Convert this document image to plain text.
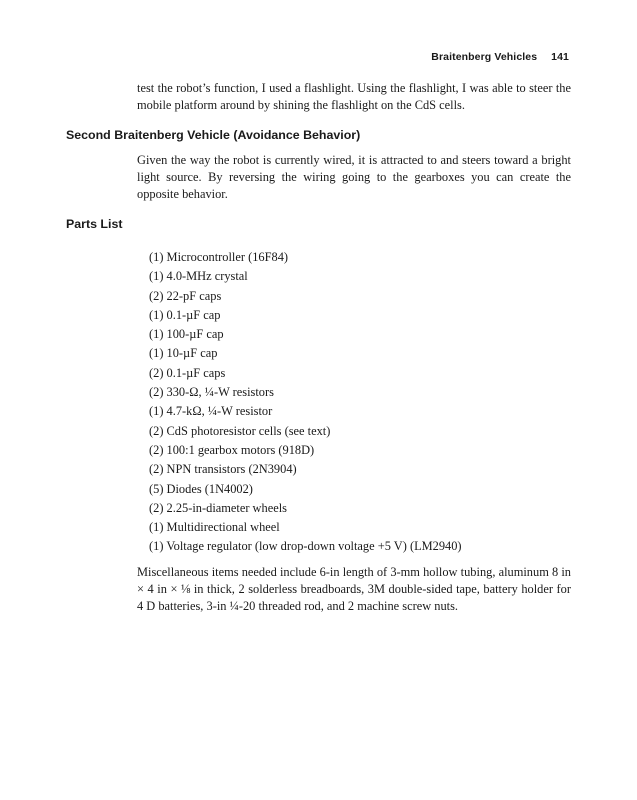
Braitenberg Vehicles 141

test the robot’s function, I used a flashlight. Using the flashlight, I was able to steer the mobile platform around by shining the flashlight on the CdS cells.

Second Braitenberg Vehicle (Avoidance Behavior)

Given the way the robot is currently wired, it is attracted to and steers toward a bright light source. By reversing the wiring going to the gearboxes you can create the opposite behavior.

Parts List
(1) Microcontroller (16F84)
(1) 4.0-MHz crystal
(2) 22-pF caps
(1) 0.1-µF cap
(1) 100-µF cap
(1) 10-µF cap
(2) 0.1-µF caps
(2) 330-Ω, ¼-W resistors
(1) 4.7-kΩ, ¼-W resistor
(2) CdS photoresistor cells (see text)
(2) 100:1 gearbox motors (918D)
(2) NPN transistors (2N3904)
(5) Diodes (1N4002)
(2) 2.25-in-diameter wheels
(1) Multidirectional wheel
(1) Voltage regulator (low drop-down voltage +5 V) (LM2940)

Miscellaneous items needed include 6-in length of 3-mm hollow tubing, aluminum 8 in × 4 in × ⅛ in thick, 2 solderless breadboards, 3M double-sided tape, battery holder for 4 D batteries, 3-in ¼-20 threaded rod, and 2 machine screw nuts.
